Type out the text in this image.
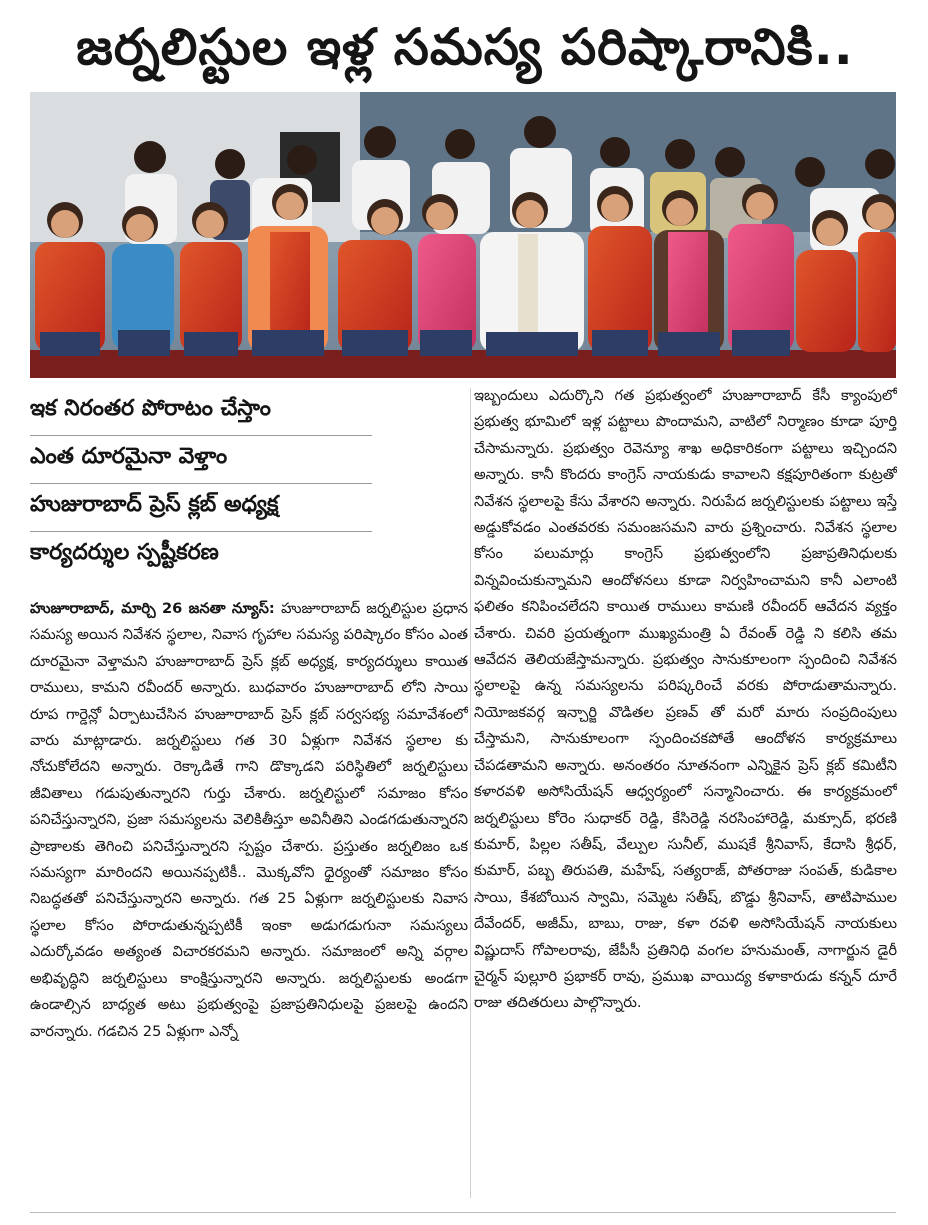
జర్నలిస్టుల ఇళ్ల సమస్య పరిష్కారానికి..
ఇక నిరంతర పోరాటం చేస్తాం
ఎంత దూరమైనా వెళ్తాం
హుజురాబాద్ ప్రెస్ క్లబ్ అధ్యక్ష
కార్యదర్శుల స్పష్టీకరణ
హుజూరాబాద్, మార్చి 26 జనతా న్యూస్: హుజూరాబాద్ జర్నలిస్టుల ప్రధాన సమస్య అయిన నివేశన స్థలాల, నివాస గృహాల సమస్య పరిష్కారం కోసం ఎంత దూరమైనా వెళ్తామని హుజూరాబాద్ ప్రెస్ క్లబ్ అధ్యక్ష, కార్యదర్శులు కాయిత రాములు, కామని రవీందర్ అన్నారు. బుధవారం హుజూరాబాద్ లోని సాయి రూప గార్డెన్లో ఏర్పాటుచేసిన హుజూరాబాద్ ప్రెస్ క్లబ్ సర్వసభ్య సమావేశంలో వారు మాట్లాడారు. జర్నలిస్టులు గత 30 ఏళ్లుగా నివేశన స్థలాల కు నోచుకోలేదని అన్నారు. రెక్కాడితే గాని డొక్కాడని పరిస్థితిలో జర్నలిస్టులు జీవితాలు గడుపుతున్నారని గుర్తు చేశారు. జర్నలిస్టులో సమాజం కోసం పనిచేస్తున్నారని, ప్రజా సమస్యలను వెలికితీస్తూ అవినీతిని ఎండగడుతున్నారని ప్రాణాలకు తెగించి పనిచేస్తున్నారని స్పష్టం చేశారు. ప్రస్తుతం జర్నలిజం ఒక సమస్యగా మారిందని అయినప్పటికీ.. మొక్కవోని ధైర్యంతో సమాజం కోసం నిబద్ధతతో పనిచేస్తున్నారని అన్నారు. గత 25 ఏళ్లుగా జర్నలిస్టులకు నివాస స్థలాల కోసం పోరాడుతున్నప్పటికీ ఇంకా అడుగడుగునా సమస్యలు ఎదుర్కోవడం అత్యంత విచారకరమని అన్నారు. సమాజంలో అన్ని వర్గాల అభివృద్ధిని జర్నలిస్టులు కాంక్షిస్తున్నారని అన్నారు. జర్నలిస్టులకు అండగా ఉండాల్సిన బాధ్యత అటు ప్రభుత్వంపై ప్రజాప్రతినిధులపై ప్రజలపై ఉందని వారన్నారు. గడచిన 25 ఏళ్లుగా ఎన్నో
ఇబ్బందులు ఎదుర్కొని గత ప్రభుత్వంలో హుజూరాబాద్ కేసీ క్యాంపులో ప్రభుత్వ భూమిలో ఇళ్ల పట్టాలు పొందామని, వాటిలో నిర్మాణం కూడా పూర్తి చేసామన్నారు. ప్రభుత్వం రెవెన్యూ శాఖ అధికారికంగా పట్టాలు ఇచ్చిందని అన్నారు. కానీ కొందరు కాంగ్రెస్ నాయకుడు కావాలని కక్షపూరితంగా కుట్రతో నివేశన స్థలాలపై కేసు వేశారని అన్నారు. నిరుపేద జర్నలిస్టులకు పట్టాలు ఇస్తే అడ్డుకోవడం ఎంతవరకు సమంజసమని వారు ప్రశ్నించారు. నివేశన స్థలాల కోసం పలుమార్లు కాంగ్రెస్ ప్రభుత్వంలోని ప్రజాప్రతినిధులకు విన్నవించుకున్నామని ఆందోళనలు కూడా నిర్వహించామని కానీ ఎలాంటి ఫలితం కనిపించలేదని కాయిత రాములు కామణి రవీందర్ ఆవేదన వ్యక్తం చేశారు. చివరి ప్రయత్నంగా ముఖ్యమంత్రి ఏ రేవంత్ రెడ్డి ని కలిసి తమ ఆవేదన తెలియజేస్తామన్నారు. ప్రభుత్వం సానుకూలంగా స్పందించి నివేశన స్థలాలపై ఉన్న సమస్యలను పరిష్కరించే వరకు పోరాడుతామన్నారు. నియోజకవర్గ ఇన్చార్జి వొడితల ప్రణవ్ తో మరో మారు సంప్రదింపులు చేస్తామని, సానుకూలంగా స్పందించకపోతే ఆందోళన కార్యక్రమాలు చేపడతామని అన్నారు. అనంతరం నూతనంగా ఎన్నికైన ప్రెస్ క్లబ్ కమిటీని కళారవళి అసోసియేషన్ ఆధ్వర్యంలో సన్మానించారు. ఈ కార్యక్రమంలో జర్నలిస్టులు కోరెం సుధాకర్ రెడ్డి, కేసిరెడ్డి నరసింహారెడ్డి, మక్సూద్, భరణి కుమార్, పిల్లల సతీష్, వేల్పుల సునీల్, ముషకే శ్రీనివాస్, కేదాసి శ్రీధర్, కుమార్, పబ్బ తిరుపతి, మహేష్, సత్యరాజ్, పోతరాజు సంపత్, కుడికాల సాయి, కేశబోయిన స్వామి, సమ్మెట సతీష్, బొడ్డు శ్రీనివాస్, తాటిపాముల దేవేందర్, అజీమ్, బాబు, రాజు, కళా రవళి అసోసియేషన్ నాయకులు విష్ణుదాస్ గోపాలరావు, జేపీసీ ప్రతినిధి వంగల హనుమంత్, నాగార్జున డైరీ చైర్మన్ పుల్లూరి ప్రభాకర్ రావు, ప్రముఖ వాయిద్య కళాకారుడు కన్నన్ దూరే రాజు తదితరులు పాల్గొన్నారు.
